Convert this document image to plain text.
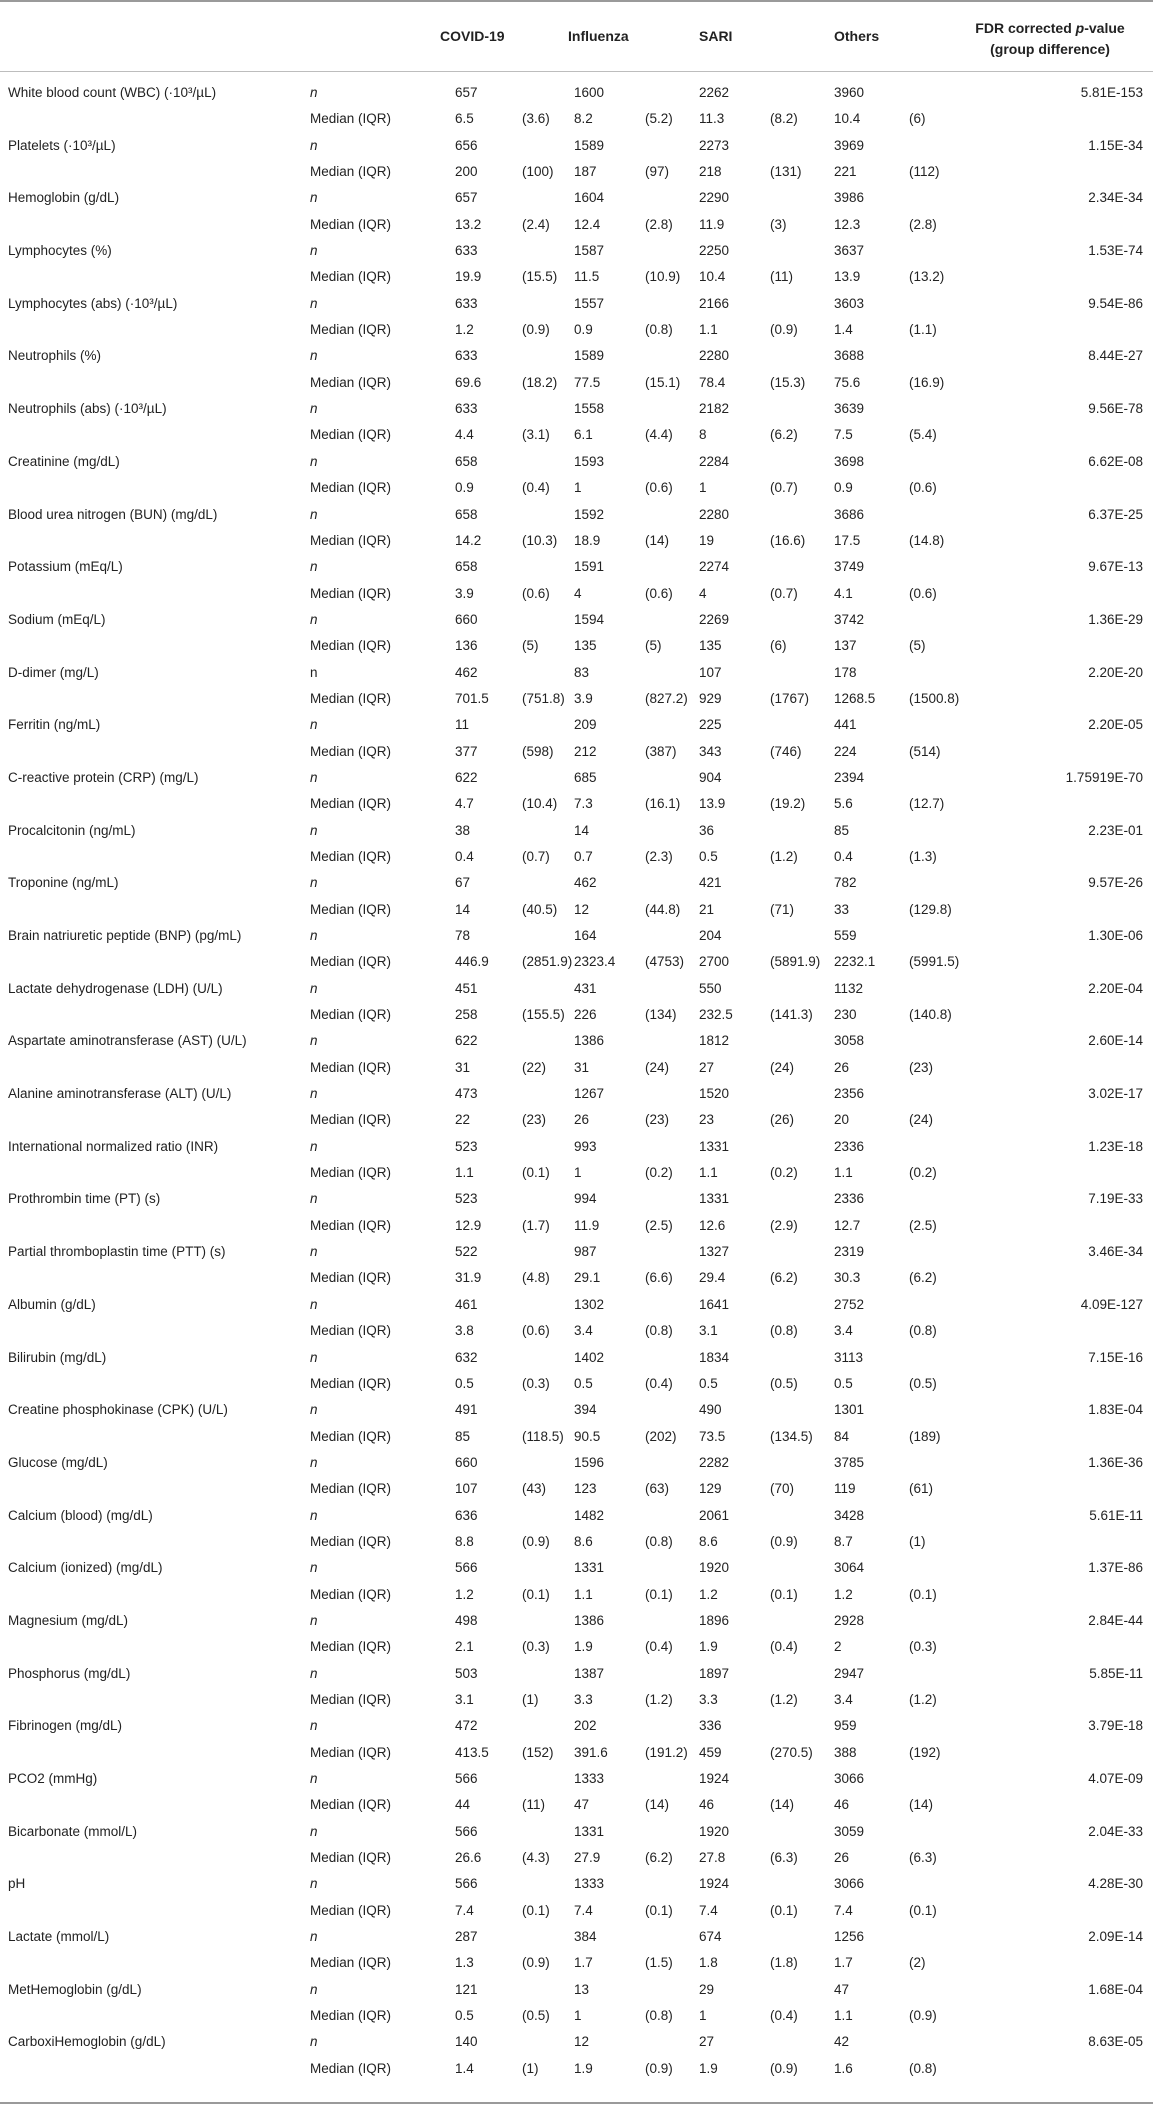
COVID-19	Influenza	SARI	Others	FDR corrected p-value
(group difference)
White blood count (WBC) (·10³/µL)	n	657	1600	2262	3960	5.81E-153
Median (IQR)	6.5	(3.6) 8.2	(5.2) 11.3	(8.2)	10.4	(6)
Platelets (·10³/µL)	n	656	1589	2273	3969	1.15E-34
Median (IQR)	200	(100) 187	(97) 218	(131) 221	(112)
Hemoglobin (g/dL)	n	657	1604	2290	3986	2.34E-34
Median (IQR)	13.2	(2.4) 12.4	(2.8) 11.9	(3)	12.3	(2.8)
Lymphocytes (%)	n	633	1587	2250	3637	1.53E-74
Median (IQR)	19.9	(15.5) 11.5	(10.9) 10.4	(11)	13.9	(13.2)
Lymphocytes (abs) (·10³/µL)	n	633	1557	2166	3603	9.54E-86
Median (IQR)	1.2	(0.9) 0.9	(0.8) 1.1	(0.9)	1.4	(1.1)
Neutrophils (%)	n	633	1589	2280	3688	8.44E-27
Median (IQR)	69.6	(18.2) 77.5	(15.1) 78.4	(15.3) 75.6	(16.9)
Neutrophils (abs) (·10³/µL)	n	633	1558	2182	3639	9.56E-78
Median (IQR)	4.4	(3.1) 6.1	(4.4) 8	(6.2)	7.5	(5.4)
Creatinine (mg/dL)	n	658	1593	2284	3698	6.62E-08
Median (IQR)	0.9	(0.4) 1	(0.6) 1	(0.7)	0.9	(0.6)
Blood urea nitrogen (BUN) (mg/dL)	n	658	1592	2280	3686	6.37E-25
Median (IQR)	14.2	(10.3) 18.9	(14) 19	(16.6) 17.5	(14.8)
Potassium (mEq/L)	n	658	1591	2274	3749	9.67E-13
Median (IQR)	3.9	(0.6) 4	(0.6) 4	(0.7)	4.1	(0.6)
Sodium (mEq/L)	n	660	1594	2269	3742	1.36E-29
Median (IQR)	136	(5)	135	(5)	135	(6)	137	(5)
D-dimer (mg/L)	n	462	83	107	178	2.20E-20
Median (IQR)	701.5 (751.8) 3.9	(827.2) 929	(1767) 1268.5 (1500.8)
Ferritin (ng/mL)	n	11	209	225	441	2.20E-05
Median (IQR)	377	(598) 212	(387) 343	(746) 224	(514)
C-reactive protein (CRP) (mg/L)	n	622	685	904	2394	1.75919E-70
Median (IQR)	4.7	(10.4) 7.3	(16.1) 13.9	(19.2) 5.6	(12.7)
Procalcitonin (ng/mL)	n	38	14	36	85	2.23E-01
Median (IQR)	0.4	(0.7) 0.7	(2.3) 0.5	(1.2)	0.4	(1.3)
Troponine (ng/mL)	n	67	462	421	782	9.57E-26
Median (IQR)	14	(40.5) 12	(44.8) 21	(71)	33	(129.8)
Brain natriuretic peptide (BNP) (pg/mL)	n	78	164	204	559	1.30E-06
Median (IQR)	446.9 (2851.9) 2323.4 (4753) 2700	(5891.9) 2232.1 (5991.5)
Lactate dehydrogenase (LDH) (U/L)	n	451	431	550	1132	2.20E-04
Median (IQR)	258	(155.5) 226	(134) 232.5	(141.3) 230	(140.8)
Aspartate aminotransferase (AST) (U/L)	n	622	1386	1812	3058	2.60E-14
Median (IQR)	31	(22) 31	(24) 27	(24)	26	(23)
Alanine aminotransferase (ALT) (U/L)	n	473	1267	1520	2356	3.02E-17
Median (IQR)	22	(23) 26	(23) 23	(26)	20	(24)
International normalized ratio (INR)	n	523	993	1331	2336	1.23E-18
Median (IQR)	1.1	(0.1) 1	(0.2) 1.1	(0.2)	1.1	(0.2)
Prothrombin time (PT) (s)	n	523	994	1331	2336	7.19E-33
Median (IQR)	12.9	(1.7) 11.9	(2.5) 12.6	(2.9)	12.7	(2.5)
Partial thromboplastin time (PTT) (s)	n	522	987	1327	2319	3.46E-34
Median (IQR)	31.9	(4.8) 29.1	(6.6) 29.4	(6.2)	30.3	(6.2)
Albumin (g/dL)	n	461	1302	1641	2752	4.09E-127
Median (IQR)	3.8	(0.6) 3.4	(0.8) 3.1	(0.8)	3.4	(0.8)
Bilirubin (mg/dL)	n	632	1402	1834	3113	7.15E-16
Median (IQR)	0.5	(0.3) 0.5	(0.4) 0.5	(0.5)	0.5	(0.5)
Creatine phosphokinase (CPK) (U/L)	n	491	394	490	1301	1.83E-04
Median (IQR)	85	(118.5) 90.5	(202) 73.5	(134.5) 84	(189)
Glucose (mg/dL)	n	660	1596	2282	3785	1.36E-36
Median (IQR)	107	(43) 123	(63) 129	(70)	119	(61)
Calcium (blood) (mg/dL)	n	636	1482	2061	3428	5.61E-11
Median (IQR)	8.8	(0.9) 8.6	(0.8) 8.6	(0.9)	8.7	(1)
Calcium (ionized) (mg/dL)	n	566	1331	1920	3064	1.37E-86
Median (IQR)	1.2	(0.1) 1.1	(0.1) 1.2	(0.1)	1.2	(0.1)
Magnesium (mg/dL)	n	498	1386	1896	2928	2.84E-44
Median (IQR)	2.1	(0.3) 1.9	(0.4) 1.9	(0.4)	2	(0.3)
Phosphorus (mg/dL)	n	503	1387	1897	2947	5.85E-11
Median (IQR)	3.1	(1)	3.3	(1.2) 3.3	(1.2)	3.4	(1.2)
Fibrinogen (mg/dL)	n	472	202	336	959	3.79E-18
Median (IQR)	413.5 (152) 391.6	(191.2) 459	(270.5) 388	(192)
PCO2 (mmHg)	n	566	1333	1924	3066	4.07E-09
Median (IQR)	44	(11) 47	(14) 46	(14)	46	(14)
Bicarbonate (mmol/L)	n	566	1331	1920	3059	2.04E-33
Median (IQR)	26.6	(4.3) 27.9	(6.2) 27.8	(6.3)	26	(6.3)
pH	n	566	1333	1924	3066	4.28E-30
Median (IQR)	7.4	(0.1) 7.4	(0.1) 7.4	(0.1)	7.4	(0.1)
Lactate (mmol/L)	n	287	384	674	1256	2.09E-14
Median (IQR)	1.3	(0.9) 1.7	(1.5) 1.8	(1.8)	1.7	(2)
MetHemoglobin (g/dL)	n	121	13	29	47	1.68E-04
Median (IQR)	0.5	(0.5) 1	(0.8) 1	(0.4)	1.1	(0.9)
CarboxiHemoglobin (g/dL)	n	140	12	27	42	8.63E-05
Median (IQR)	1.4	(1)	1.9	(0.9) 1.9	(0.9)	1.6	(0.8)
